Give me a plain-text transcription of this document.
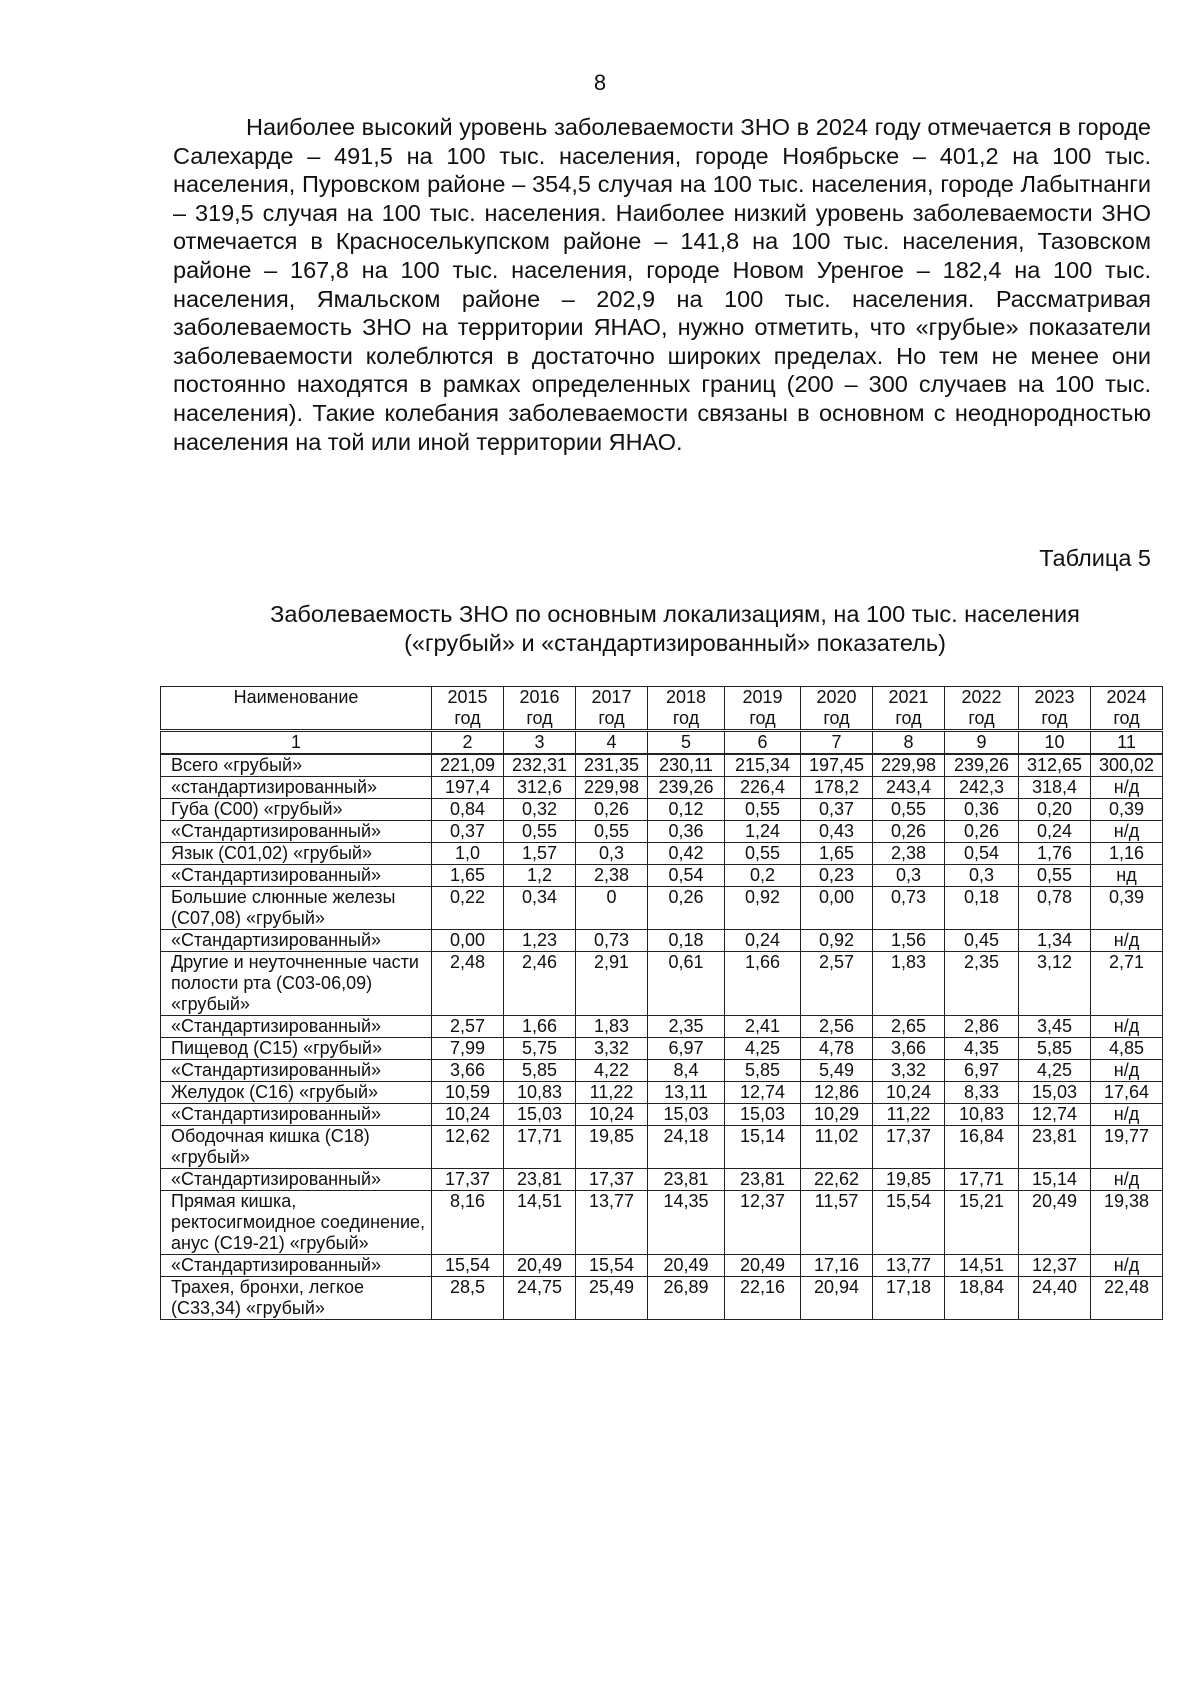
8

Наиболее высокий уровень заболеваемости ЗНО в 2024 году отмечается в городе Салехарде – 491,5 на 100 тыс. населения, городе Ноябрьске – 401,2 на 100 тыс. населения, Пуровском районе – 354,5 случая на 100 тыс. населения, городе Лабытнанги – 319,5 случая на 100 тыс. населения. Наиболее низкий уровень заболеваемости ЗНО отмечается в Красноселькупском районе – 141,8 на 100 тыс. населения, Тазовском районе – 167,8 на 100 тыс. населения, городе Новом Уренгое – 182,4 на 100 тыс. населения, Ямальском районе – 202,9 на 100 тыс. населения. Рассматривая заболеваемость ЗНО на территории ЯНАО, нужно отметить, что «грубые» показатели заболеваемости колеблются в достаточно широких пределах. Но тем не менее они постоянно находятся в рамках определенных границ (200 – 300 случаев на 100 тыс. населения). Такие колебания заболеваемости связаны в основном с неоднородностью населения на той или иной территории ЯНАО.

Таблица 5
Заболеваемость ЗНО по основным локализациям, на 100 тыс. населения
(«грубый» и «стандартизированный» показатель)
Наименование	2015 год	2016 год	2017 год	2018 год	2019 год	2020 год	2021 год	2022 год	2023 год	2024 год
1	2	3	4	5	6	7	8	9	10	11
Всего «грубый»	221,09	232,31	231,35	230,11	215,34	197,45	229,98	239,26	312,65	300,02
«стандартизированный»	197,4	312,6	229,98	239,26	226,4	178,2	243,4	242,3	318,4	н/д
Губа (С00) «грубый»	0,84	0,32	0,26	0,12	0,55	0,37	0,55	0,36	0,20	0,39
«Стандартизированный»	0,37	0,55	0,55	0,36	1,24	0,43	0,26	0,26	0,24	н/д
Язык (С01,02) «грубый»	1,0	1,57	0,3	0,42	0,55	1,65	2,38	0,54	1,76	1,16
«Стандартизированный»	1,65	1,2	2,38	0,54	0,2	0,23	0,3	0,3	0,55	нд
Большие слюнные железы (С07,08) «грубый»	0,22	0,34	0	0,26	0,92	0,00	0,73	0,18	0,78	0,39
«Стандартизированный»	0,00	1,23	0,73	0,18	0,24	0,92	1,56	0,45	1,34	н/д
Другие и неуточненные части полости рта (С03-06,09) «грубый»	2,48	2,46	2,91	0,61	1,66	2,57	1,83	2,35	3,12	2,71
«Стандартизированный»	2,57	1,66	1,83	2,35	2,41	2,56	2,65	2,86	3,45	н/д
Пищевод (С15) «грубый»	7,99	5,75	3,32	6,97	4,25	4,78	3,66	4,35	5,85	4,85
«Стандартизированный»	3,66	5,85	4,22	8,4	5,85	5,49	3,32	6,97	4,25	н/д
Желудок (С16) «грубый»	10,59	10,83	11,22	13,11	12,74	12,86	10,24	8,33	15,03	17,64
«Стандартизированный»	10,24	15,03	10,24	15,03	15,03	10,29	11,22	10,83	12,74	н/д
Ободочная кишка (С18) «грубый»	12,62	17,71	19,85	24,18	15,14	11,02	17,37	16,84	23,81	19,77
«Стандартизированный»	17,37	23,81	17,37	23,81	23,81	22,62	19,85	17,71	15,14	н/д
Прямая кишка, ректосигмоидное соединение, анус (С19-21) «грубый»	8,16	14,51	13,77	14,35	12,37	11,57	15,54	15,21	20,49	19,38
«Стандартизированный»	15,54	20,49	15,54	20,49	20,49	17,16	13,77	14,51	12,37	н/д
Трахея, бронхи, легкое (С33,34) «грубый»	28,5	24,75	25,49	26,89	22,16	20,94	17,18	18,84	24,40	22,48
